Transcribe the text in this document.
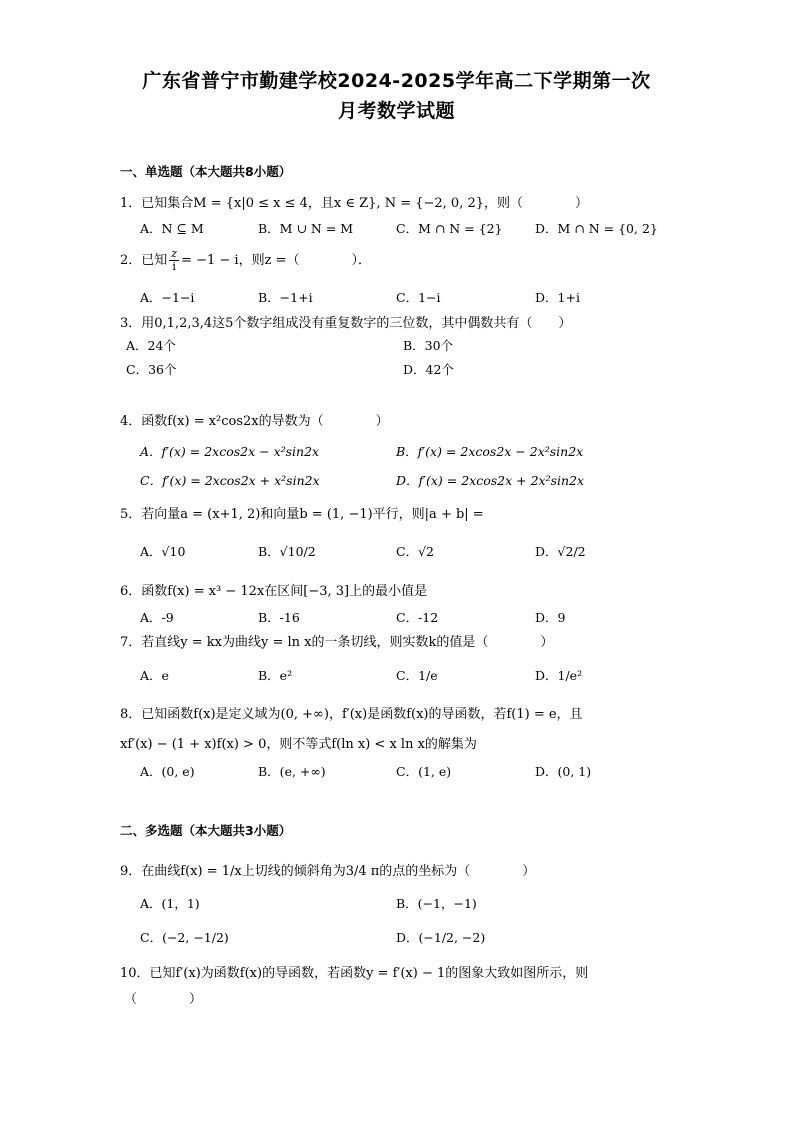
广东省普宁市勤建学校2024-2025学年高二下学期第一次
月考数学试题
一、单选题（本大题共8小题）
1．已知集合M = {x|0 ≤ x ≤ 4，且x ∈ Z}, N = {−2, 0, 2}，则（　　　　）
A．N ⊆ M	B．M ∪ N = M	C．M ∩ N = {2}	D．M ∩ N = {0, 2}
2．已知 $\frac{z}{i} = -1 - i$，则z =（　　　　）．
A．−1−i	B．−1+i	C．1−i	D．1+i
3．用0,1,2,3,4这5个数字组成没有重复数字的三位数，其中偶数共有（　　）
A．24个	B．30个
C．36个	D．42个
4．函数f(x) = x²cos2x的导数为（　　　　）
A．f′(x) = 2xcos2x − x²sin2x	B．f′(x) = 2xcos2x − 2x²sin2x
C．f′(x) = 2xcos2x + x²sin2x	D．f′(x) = 2xcos2x + 2x²sin2x
5．若向量a = (x+1, 2)和向量b = (1, −1)平行，则|a + b| =
A．√10	B．√10/2	C．√2	D．√2/2
6．函数f(x) = x³ − 12x在区间[−3, 3]上的最小值是
A．-9	B．-16	C．-12	D．9
7．若直线y = kx为曲线y = ln x的一条切线，则实数k的值是（　　　　）
A．e	B．e²	C．1/e	D．1/e²
8．已知函数f(x)是定义域为(0, +∞)，f′(x)是函数f(x)的导函数，若f(1) = e，且
xf′(x) − (1 + x)f(x) > 0，则不等式f(ln x) < x ln x的解集为
A．(0, e)	B．(e, +∞)	C．(1, e)	D．(0, 1)
二、多选题（本大题共3小题）
9．在曲线f(x) = 1/x上切线的倾斜角为3/4 π的点的坐标为（　　　　）
A．(1，1)	B．(−1，−1)
C．(−2, −1/2)	D．(−1/2, −2)
10．已知f′(x)为函数f(x)的导函数，若函数y = f′(x) − 1的图象大致如图所示，则
（　　　　）
